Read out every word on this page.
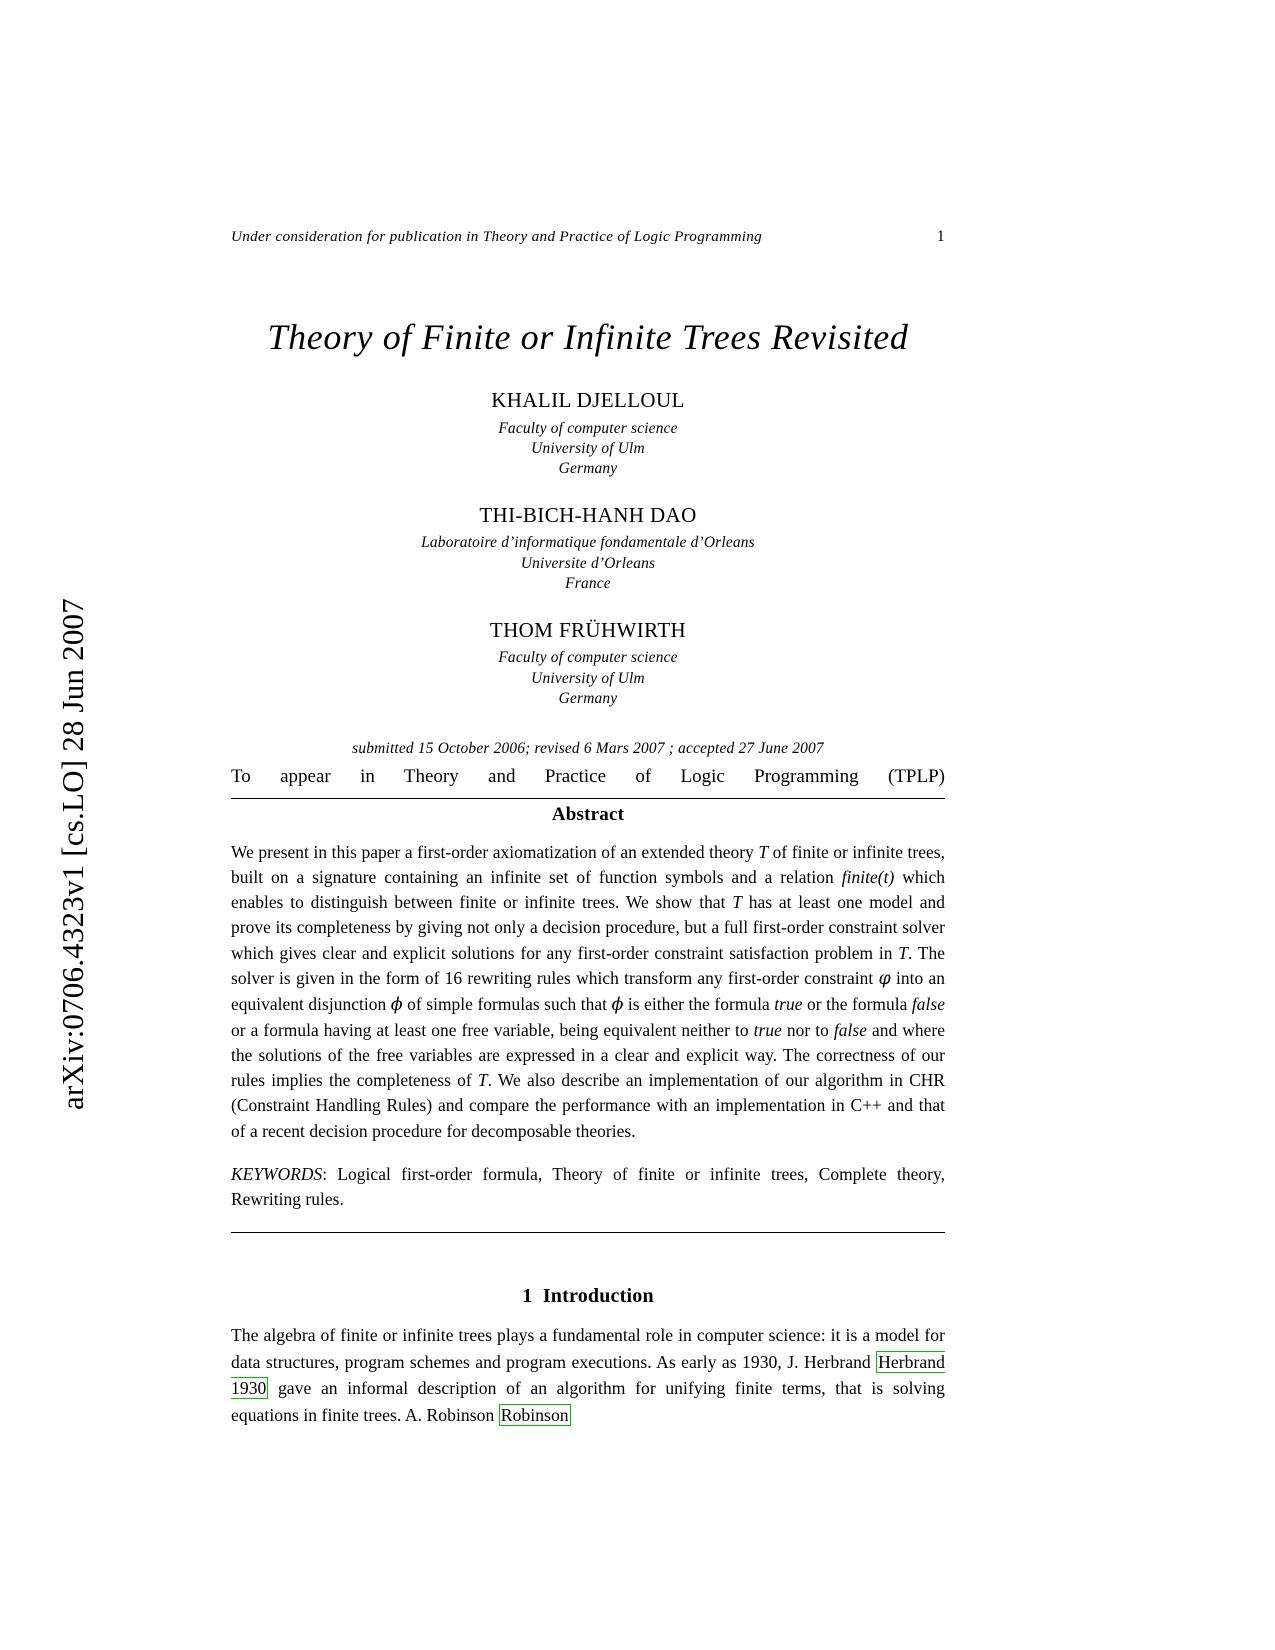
arXiv:0706.4323v1 [cs.LO] 28 Jun 2007
Under consideration for publication in Theory and Practice of Logic Programming	1
Theory of Finite or Infinite Trees Revisited
KHALIL DJELLOUL
Faculty of computer science
University of Ulm
Germany
THI-BICH-HANH DAO
Laboratoire d’informatique fondamentale d’Orleans
Universite d’Orleans
France
THOM FRÜHWIRTH
Faculty of computer science
University of Ulm
Germany
submitted 15 October 2006; revised 6 Mars 2007 ; accepted 27 June 2007
To appear in Theory and Practice of Logic Programming (TPLP)
Abstract
We present in this paper a first-order axiomatization of an extended theory T of finite or infinite trees, built on a signature containing an infinite set of function symbols and a relation finite(t) which enables to distinguish between finite or infinite trees. We show that T has at least one model and prove its completeness by giving not only a decision procedure, but a full first-order constraint solver which gives clear and explicit solutions for any first-order constraint satisfaction problem in T. The solver is given in the form of 16 rewriting rules which transform any first-order constraint φ into an equivalent disjunction ϕ of simple formulas such that ϕ is either the formula true or the formula false or a formula having at least one free variable, being equivalent neither to true nor to false and where the solutions of the free variables are expressed in a clear and explicit way. The correctness of our rules implies the completeness of T. We also describe an implementation of our algorithm in CHR (Constraint Handling Rules) and compare the performance with an implementation in C++ and that of a recent decision procedure for decomposable theories.
KEYWORDS: Logical first-order formula, Theory of finite or infinite trees, Complete theory, Rewriting rules.
1 Introduction
The algebra of finite or infinite trees plays a fundamental role in computer science: it is a model for data structures, program schemes and program executions. As early as 1930, J. Herbrand Herbrand 1930 gave an informal description of an algorithm for unifying finite terms, that is solving equations in finite trees. A. Robinson Robinson
